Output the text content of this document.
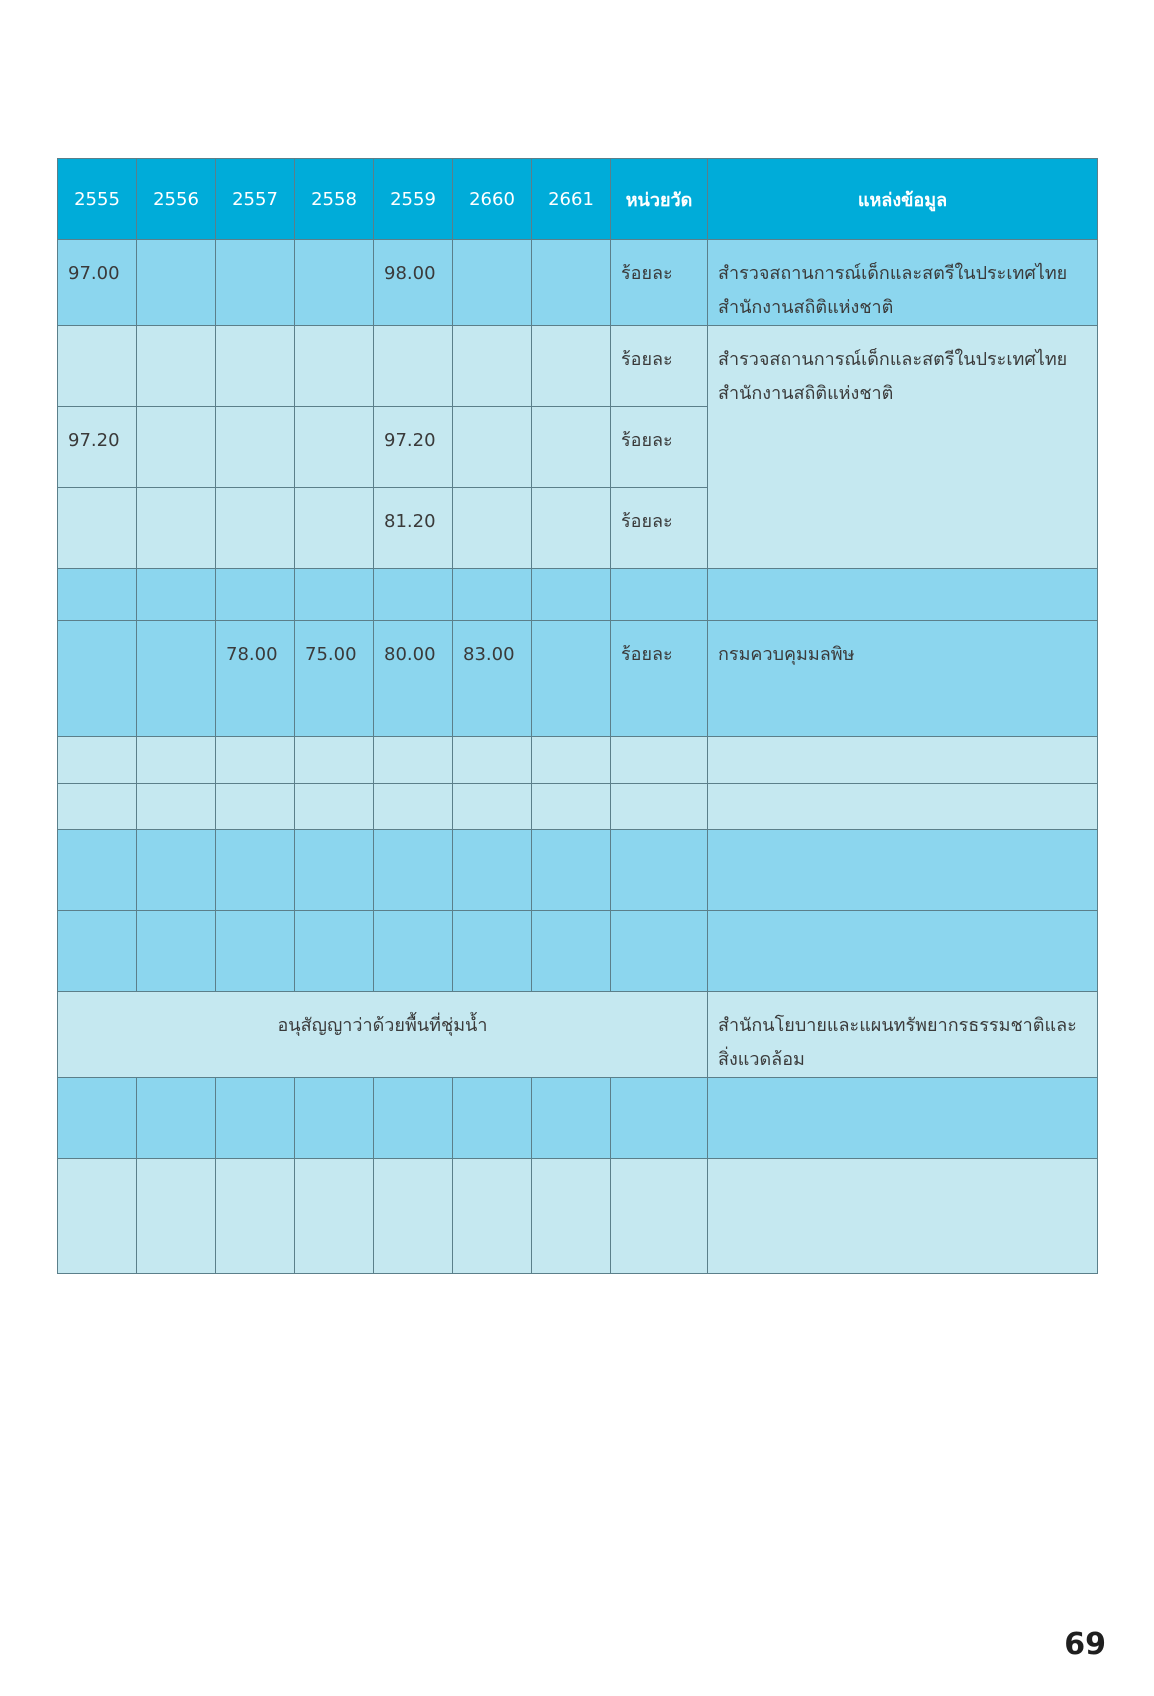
2555	2556	2557	2558	2559	2660	2661	หน่วยวัด	แหล่งข้อมูล

97.00				98.00			ร้อยละ	สำรวจสถานการณ์เด็กและสตรีในประเทศไทย สำนักงานสถิติแห่งชาติ

							ร้อยละ	สำรวจสถานการณ์เด็กและสตรีในประเทศไทย สำนักงานสถิติแห่งชาติ

97.20				97.20			ร้อยละ	

				81.20			ร้อยละ	

		78.00	75.00	80.00	83.00		ร้อยละ	กรมควบคุมมลพิษ

อนุสัญญาว่าด้วยพื้นที่ชุ่มน้ำ								สำนักนโยบายและแผนทรัพยากรธรรมชาติและสิ่งแวดล้อม

69
